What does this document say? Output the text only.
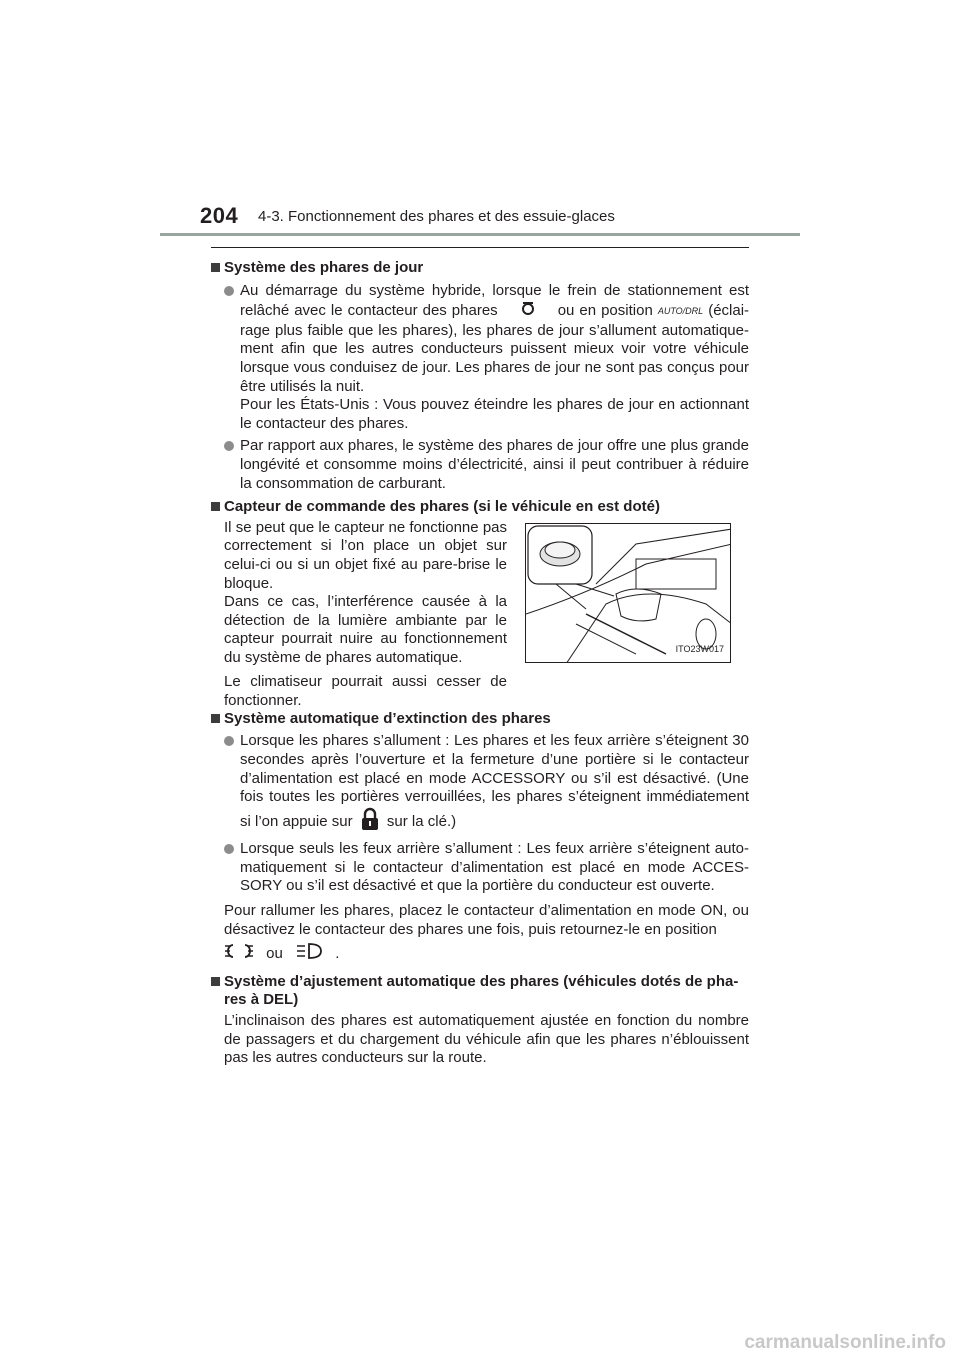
204 4-3. Fonctionnement des phares et des essuie-glaces
Système des phares de jour
Au démarrage du système hybride, lorsque le frein de stationnement est relâché avec le contacteur des phares	ou en position AUTO/DRL (éclai-rage plus faible que les phares), les phares de jour s’allument automatique-ment afin que les autres conducteurs puissent mieux voir votre véhicule lorsque vous conduisez de jour. Les phares de jour ne sont pas conçus pour être utilisés la nuit.
Pour les États-Unis : Vous pouvez éteindre les phares de jour en actionnant le contacteur des phares.
Par rapport aux phares, le système des phares de jour offre une plus grande longévité et consomme moins d’électricité, ainsi il peut contribuer à réduire la consommation de carburant.
Capteur de commande des phares (si le véhicule en est doté)
Il se peut que le capteur ne fonctionne pas correctement si l’on place un objet sur celui-ci ou si un objet fixé au pare-brise le bloque.
Dans ce cas, l’interférence causée à la détection de la lumière ambiante par le capteur pourrait nuire au fonctionnement du système de phares automatique.
Le climatiseur pourrait aussi cesser de fonctionner.
ITO23W017
Système automatique d’extinction des phares
Lorsque les phares s’allument : Les phares et les feux arrière s’éteignent 30 secondes après l’ouverture et la fermeture d’une portière si le contacteur d’alimentation est placé en mode ACCESSORY ou s’il est désactivé. (Une fois toutes les portières verrouillées, les phares s’éteignent immédiatement si l’on appuie sur sur la clé.)
Lorsque seuls les feux arrière s’allument : Les feux arrière s’éteignent auto-matiquement si le contacteur d’alimentation est placé en mode ACCES-SORY ou s’il est désactivé et que la portière du conducteur est ouverte.
Pour rallumer les phares, placez le contacteur d’alimentation en mode ON, ou désactivez le contacteur des phares une fois, puis retournez-le en position
ou	.
Système d’ajustement automatique des phares (véhicules dotés de pha-res à DEL)
L’inclinaison des phares est automatiquement ajustée en fonction du nombre de passagers et du chargement du véhicule afin que les phares n’éblouissent pas les autres conducteurs sur la route.
carmanualsonline.info
